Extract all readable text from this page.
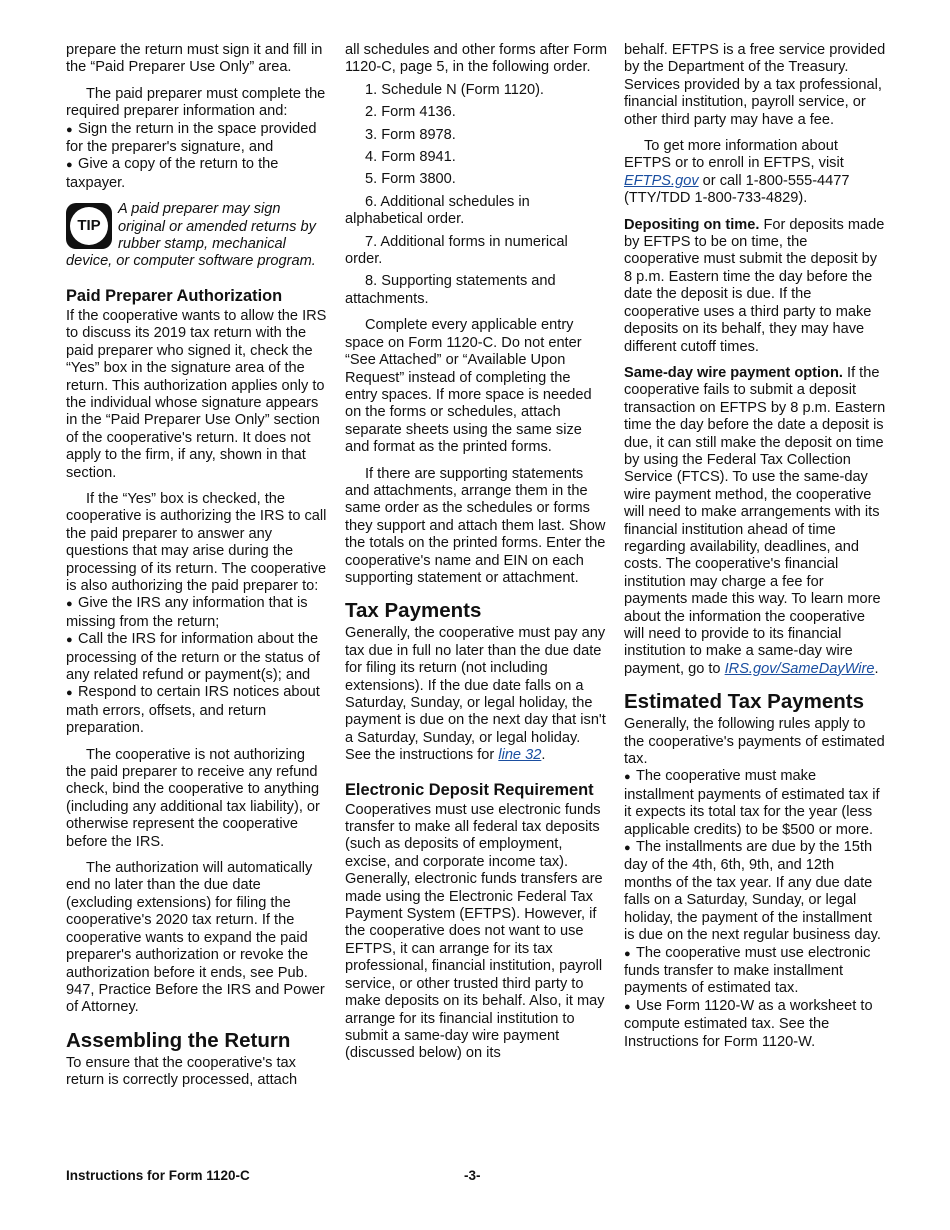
prepare the return must sign it and fill in the “Paid Preparer Use Only” area.

The paid preparer must complete the required preparer information and:

● Sign the return in the space provided for the preparer's signature, and
● Give a copy of the return to the taxpayer.
TIP
A paid preparer may sign original or amended returns by rubber stamp, mechanical device, or computer software program.
Paid Preparer Authorization

If the cooperative wants to allow the IRS to discuss its 2019 tax return with the paid preparer who signed it, check the “Yes” box in the signature area of the return. This authorization applies only to the individual whose signature appears in the “Paid Preparer Use Only” section of the cooperative's return. It does not apply to the firm, if any, shown in that section.

If the “Yes” box is checked, the cooperative is authorizing the IRS to call the paid preparer to answer any questions that may arise during the processing of its return. The cooperative is also authorizing the paid preparer to:

● Give the IRS any information that is missing from the return;
● Call the IRS for information about the processing of the return or the status of any related refund or payment(s); and
● Respond to certain IRS notices about math errors, offsets, and return preparation.

The cooperative is not authorizing the paid preparer to receive any refund check, bind the cooperative to anything (including any additional tax liability), or otherwise represent the cooperative before the IRS.

The authorization will automatically end no later than the due date (excluding extensions) for filing the cooperative's 2020 tax return. If the cooperative wants to expand the paid preparer's authorization or revoke the authorization before it ends, see Pub. 947, Practice Before the IRS and Power of Attorney.

Assembling the Return

To ensure that the cooperative's tax return is correctly processed, attach

all schedules and other forms after Form 1120-C, page 5, in the following order.

1. Schedule N (Form 1120).
2. Form 4136.
3. Form 8978.
4. Form 8941.
5. Form 3800.
6. Additional schedules in alphabetical order.
7. Additional forms in numerical order.
8. Supporting statements and attachments.

Complete every applicable entry space on Form 1120-C. Do not enter “See Attached” or “Available Upon Request” instead of completing the entry spaces. If more space is needed on the forms or schedules, attach separate sheets using the same size and format as the printed forms.

If there are supporting statements and attachments, arrange them in the same order as the schedules or forms they support and attach them last. Show the totals on the printed forms. Enter the cooperative's name and EIN on each supporting statement or attachment.

Tax Payments

Generally, the cooperative must pay any tax due in full no later than the due date for filing its return (not including extensions). If the due date falls on a Saturday, Sunday, or legal holiday, the payment is due on the next day that isn't a Saturday, Sunday, or legal holiday. See the instructions for line 32.

Electronic Deposit Requirement

Cooperatives must use electronic funds transfer to make all federal tax deposits (such as deposits of employment, excise, and corporate income tax). Generally, electronic funds transfers are made using the Electronic Federal Tax Payment System (EFTPS). However, if the cooperative does not want to use EFTPS, it can arrange for its tax professional, financial institution, payroll service, or other trusted third party to make deposits on its behalf. Also, it may arrange for its financial institution to submit a same-day wire payment (discussed below) on its

behalf. EFTPS is a free service provided by the Department of the Treasury. Services provided by a tax professional, financial institution, payroll service, or other third party may have a fee.

To get more information about EFTPS or to enroll in EFTPS, visit EFTPS.gov or call 1-800-555-4477 (TTY/TDD 1-800-733-4829).

Depositing on time. For deposits made by EFTPS to be on time, the cooperative must submit the deposit by 8 p.m. Eastern time the day before the date the deposit is due. If the cooperative uses a third party to make deposits on its behalf, they may have different cutoff times.

Same-day wire payment option. If the cooperative fails to submit a deposit transaction on EFTPS by 8 p.m. Eastern time the day before the date a deposit is due, it can still make the deposit on time by using the Federal Tax Collection Service (FTCS). To use the same-day wire payment method, the cooperative will need to make arrangements with its financial institution ahead of time regarding availability, deadlines, and costs. The cooperative's financial institution may charge a fee for payments made this way. To learn more about the information the cooperative will need to provide to its financial institution to make a same-day wire payment, go to IRS.gov/SameDayWire.

Estimated Tax Payments

Generally, the following rules apply to the cooperative's payments of estimated tax.

● The cooperative must make installment payments of estimated tax if it expects its total tax for the year (less applicable credits) to be $500 or more.
● The installments are due by the 15th day of the 4th, 6th, 9th, and 12th months of the tax year. If any due date falls on a Saturday, Sunday, or legal holiday, the payment of the installment is due on the next regular business day.
● The cooperative must use electronic funds transfer to make installment payments of estimated tax.
● Use Form 1120-W as a worksheet to compute estimated tax. See the Instructions for Form 1120-W.
Instructions for Form 1120-C	-3-
